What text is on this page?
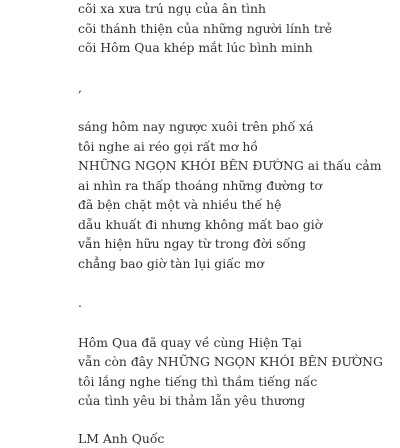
cõi xa xưa trú ngụ của ân tình
cõi thánh thiện của những người lính trẻ
cõi Hôm Qua khép mắt lúc bình minh
,
sáng hôm nay ngược xuôi trên phố xá
tôi nghe ai réo gọi rất mơ hồ
NHỮNG NGỌN KHÓI BÊN ĐƯỜNG ai thấu cảm
ai nhìn ra thấp thoáng những đường tơ
đã bện chặt một và nhiều thế hệ
dẫu khuất đi nhưng không mất bao giờ
vẫn hiện hữu ngay từ trong đời sống
chẳng bao giờ tàn lụi giấc mơ
.
Hôm Qua đã quay về cùng Hiện Tại
vẫn còn đây NHỮNG NGỌN KHÓI BÊN ĐƯỜNG
tôi lắng nghe tiếng thì thầm tiếng nấc
của tình yêu bi thảm lẫn yêu thương
LM Anh Quốc
